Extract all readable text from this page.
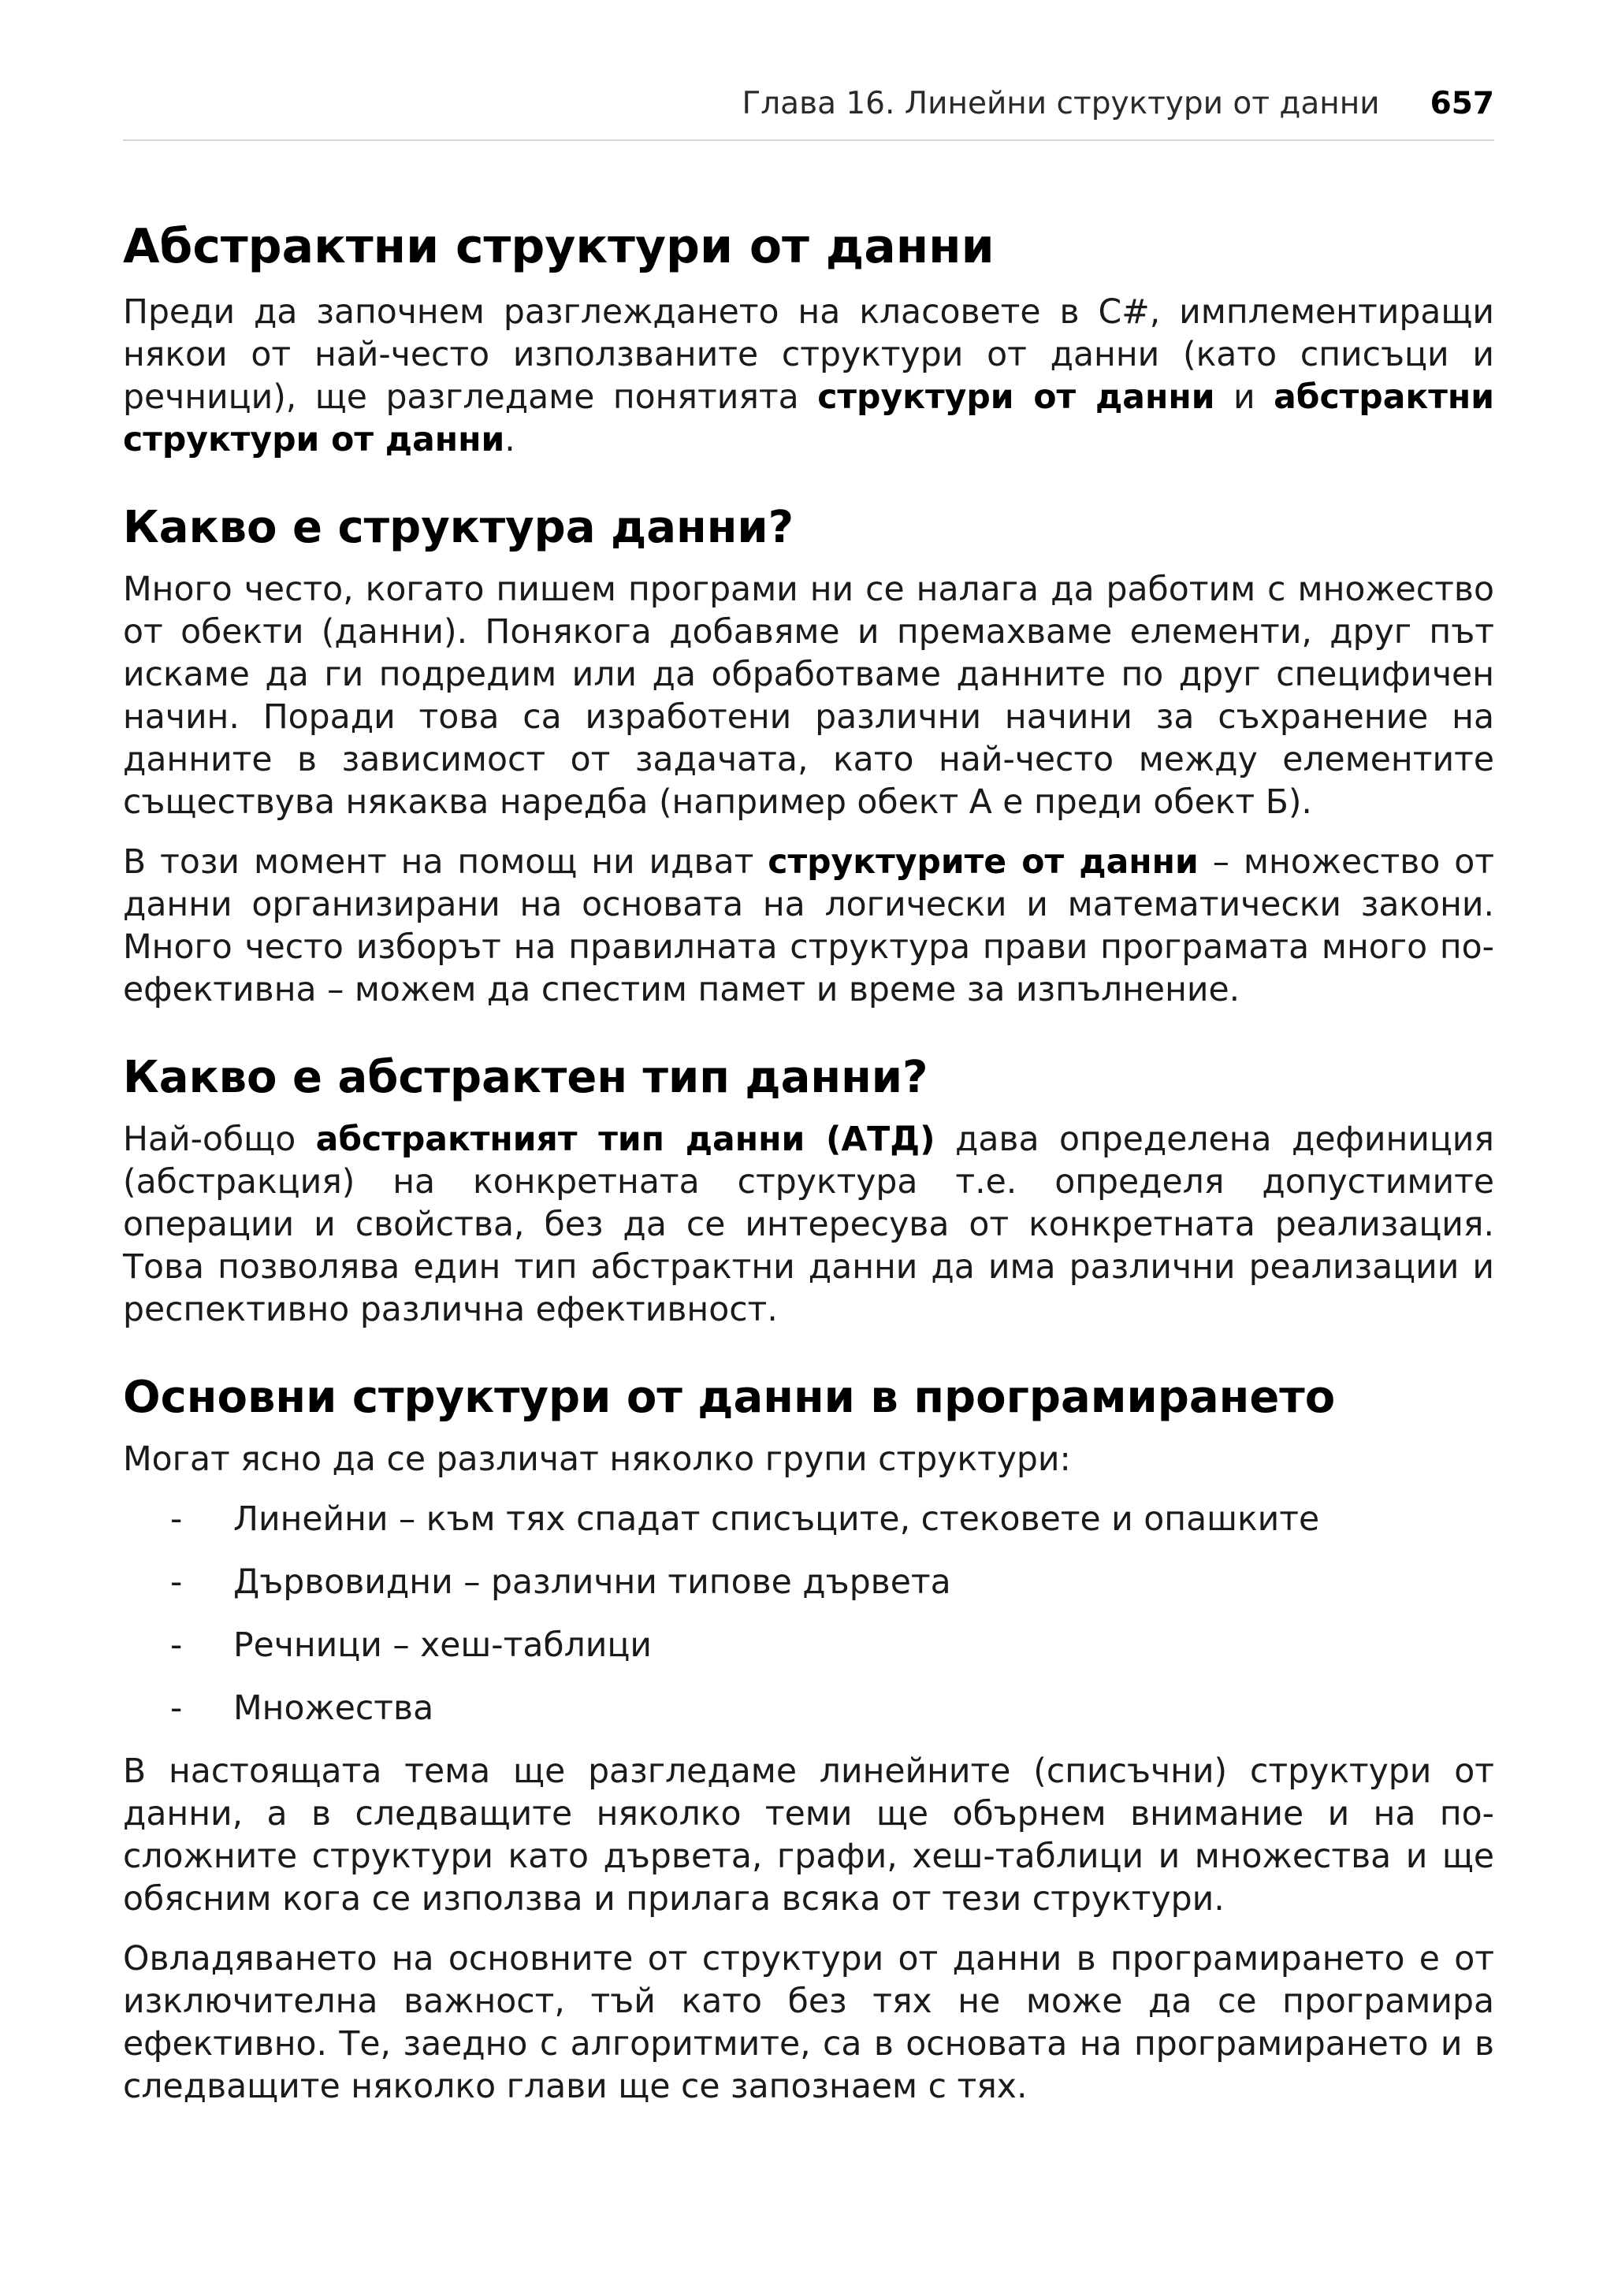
Глава 16. Линейни структури от данни 657
Абстрактни структури от данни

Преди да започнем разглеждането на класовете в C#, имплементиращи някои от най-често използваните структури от данни (като списъци и речници), ще разгледаме понятията структури от данни и абстрактни структури от данни.

Какво е структура данни?

Много често, когато пишем програми ни се налага да работим с множество от обекти (данни). Понякога добавяме и премахваме елементи, друг път искаме да ги подредим или да обработваме данните по друг специфичен начин. Поради това са изработени различни начини за съхранение на данните в зависимост от задачата, като най-често между елементите съществува някаква наредба (например обект А е преди обект Б).

В този момент на помощ ни идват структурите от данни – множество от данни организирани на основата на логически и математически закони. Много често изборът на правилната структура прави програмата много по-ефективна – можем да спестим памет и време за изпълнение.

Какво е абстрактен тип данни?

Най-общо абстрактният тип данни (АТД) дава определена дефиниция (абстракция) на конкретната структура т.е. определя допустимите операции и свойства, без да се интересува от конкретната реализация. Това позволява един тип абстрактни данни да има различни реализации и респективно различна ефективност.

Основни структури от данни в програмирането

Могат ясно да се различат няколко групи структури:

- Линейни – към тях спадат списъците, стековете и опашките
- Дървовидни – различни типове дървета
- Речници – хеш-таблици
- Множества

В настоящата тема ще разгледаме линейните (списъчни) структури от данни, а в следващите няколко теми ще обърнем внимание и на по-сложните структури като дървета, графи, хеш-таблици и множества и ще обясним кога се използва и прилага всяка от тези структури.

Овладяването на основните от структури от данни в програмирането е от изключителна важност, тъй като без тях не може да се програмира ефективно. Те, заедно с алгоритмите, са в основата на програмирането и в следващите няколко глави ще се запознаем с тях.
